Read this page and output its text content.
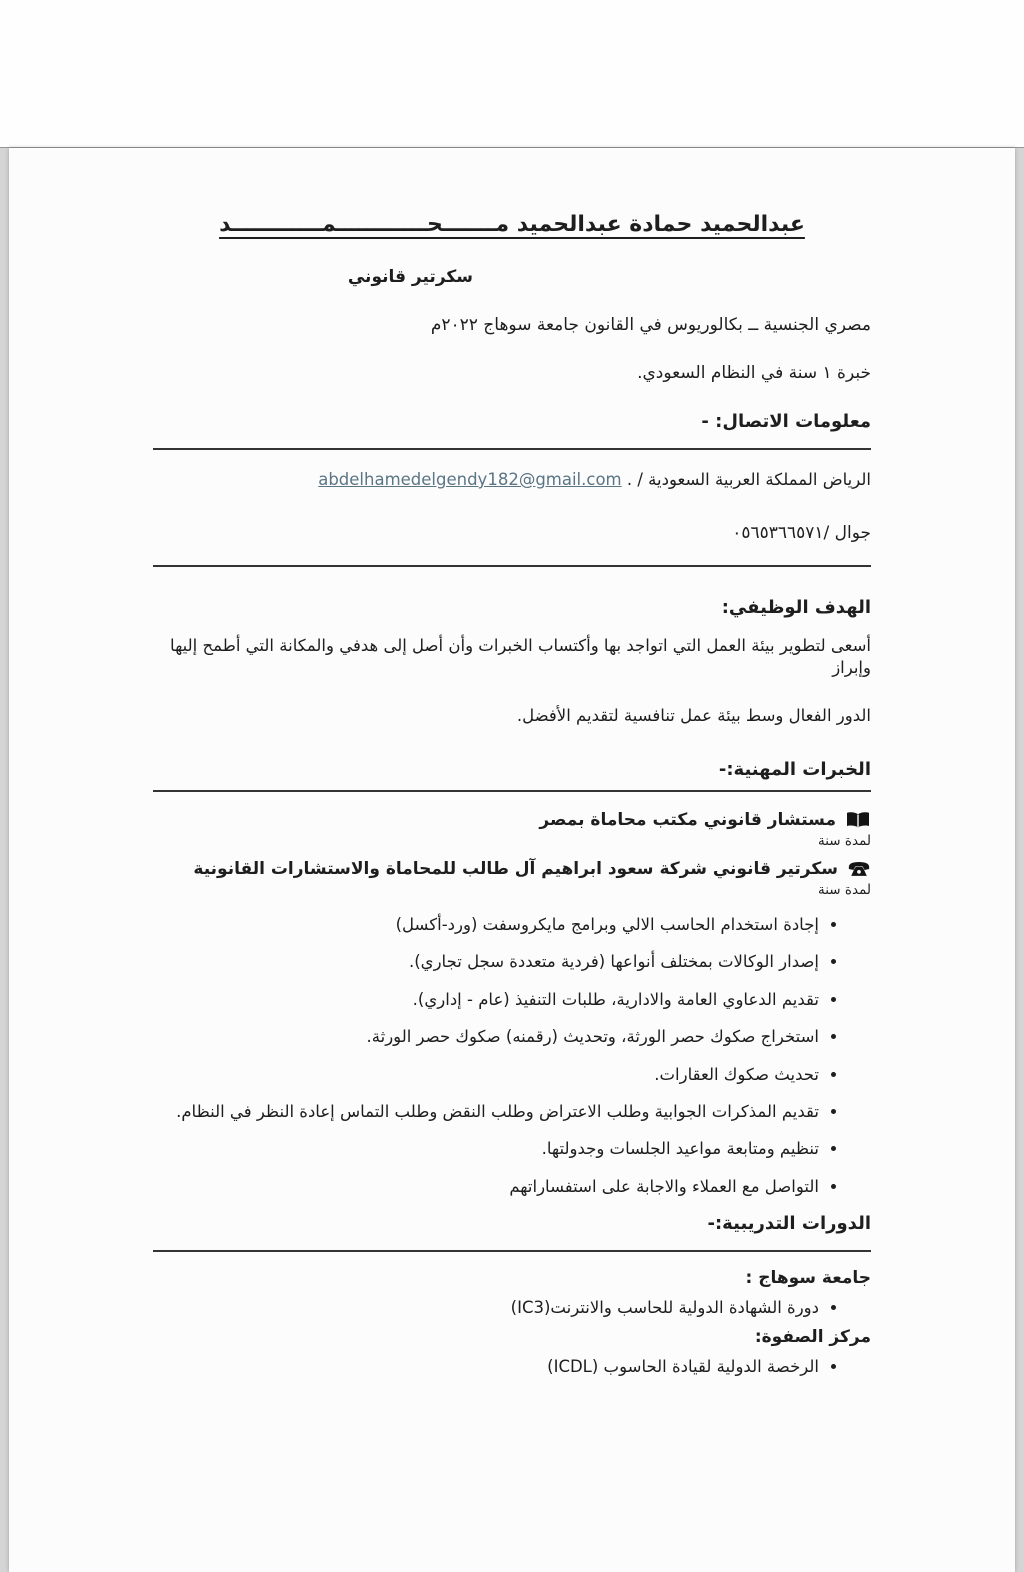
عبدالحميد حمادة عبدالحميد مـــــــحــــــــــــمــــــــــــد
سكرتير قانوني
مصري الجنسية ــ بكالوريوس في القانون جامعة سوهاج ٢٠٢٢م
خبرة ١ سنة في النظام السعودي.
معلومات الاتصال: -
الرياض المملكة العربية السعودية / . abdelhamedelgendy182@gmail.com
جوال /٠٥٦٥٣٦٦٥٧١
الهدف الوظيفي:
أسعى لتطوير بيئة العمل التي اتواجد بها وأكتساب الخبرات وأن أصل إلى هدفي والمكانة التي أطمح إليها وإبراز
الدور الفعال وسط بيئة عمل تنافسية لتقديم الأفضل.
الخبرات المهنية:-
مستشار قانوني مكتب محاماة بمصر
لمدة سنة
سكرتير قانوني شركة سعود ابراهيم آل طالب للمحاماة والاستشارات القانونية
لمدة سنة
• إجادة استخدام الحاسب الالي وبرامج مايكروسفت (ورد-أكسل)
• إصدار الوكالات بمختلف أنواعها (فردية متعددة سجل تجاري).
• تقديم الدعاوي العامة والادارية، طلبات التنفيذ (عام - إداري).
• استخراج صكوك حصر الورثة، وتحديث (رقمنه) صكوك حصر الورثة.
• تحديث صكوك العقارات.
• تقديم المذكرات الجوابية وطلب الاعتراض وطلب النقض وطلب التماس إعادة النظر في النظام.
• تنظيم ومتابعة مواعيد الجلسات وجدولتها.
• التواصل مع العملاء والاجابة على استفساراتهم
الدورات التدريبية:-
جامعة سوهاج :
• دورة الشهادة الدولية للحاسب والانترنت(IC3)
مركز الصفوة:
• الرخصة الدولية لقيادة الحاسوب (ICDL)
